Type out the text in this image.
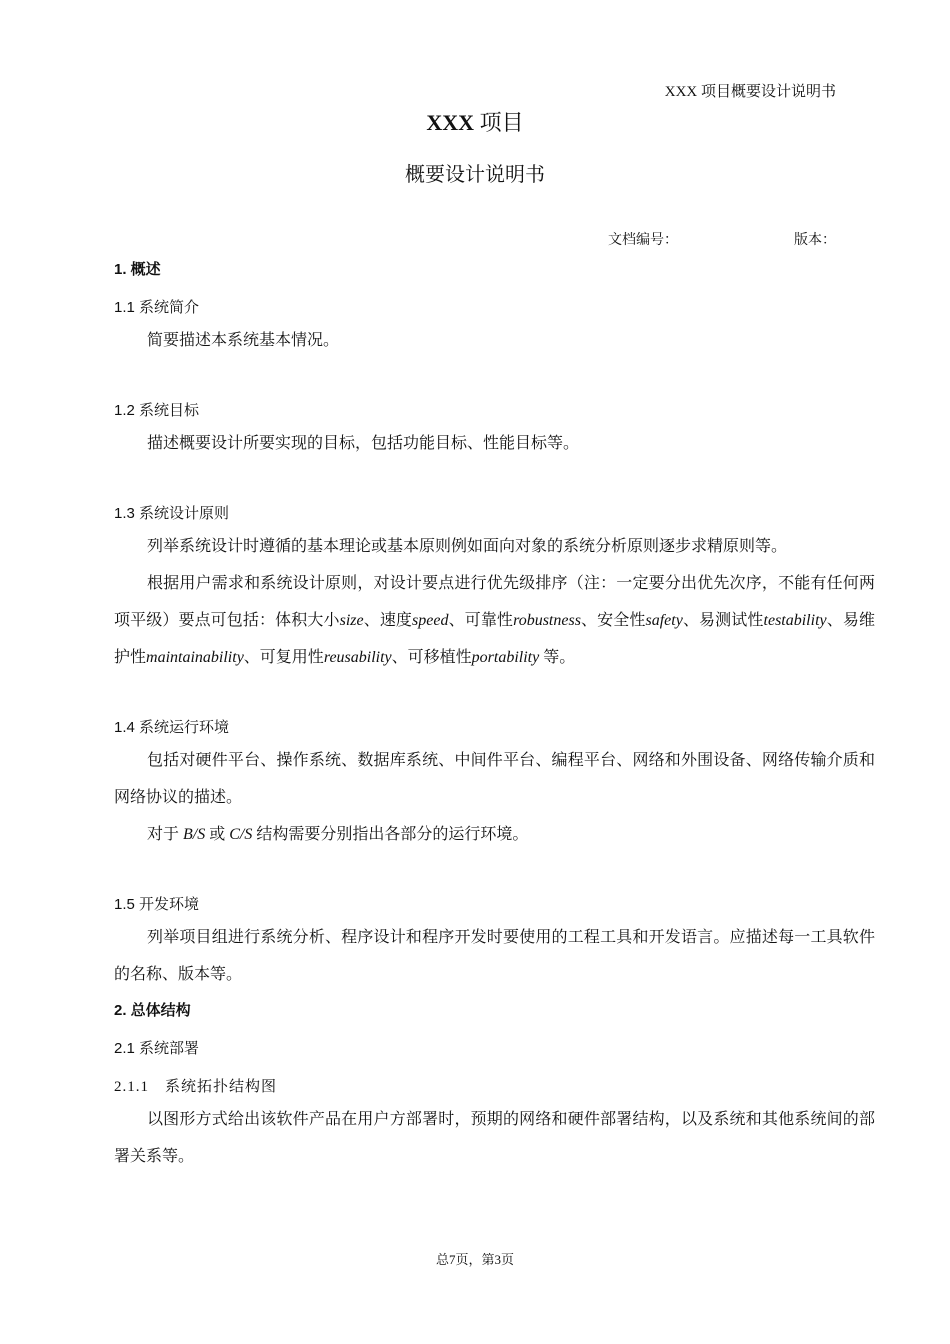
XXX 项目概要设计说明书
XXX 项目
概要设计说明书
文档编号：	版本：
1. 概述
1.1 系统简介
简要描述本系统基本情况。
1.2 系统目标
描述概要设计所要实现的目标，包括功能目标、性能目标等。
1.3 系统设计原则
列举系统设计时遵循的基本理论或基本原则例如面向对象的系统分析原则逐步求精原则等。
根据用户需求和系统设计原则，对设计要点进行优先级排序（注：一定要分出优先次序，不能有任何两项平级）要点可包括：体积大小size、速度speed、可靠性robustness、安全性safety、易测试性testability、易维护性maintainability、可复用性reusability、可移植性portability 等。
1.4 系统运行环境
包括对硬件平台、操作系统、数据库系统、中间件平台、编程平台、网络和外围设备、网络传输介质和网络协议的描述。
对于 B/S 或 C/S 结构需要分别指出各部分的运行环境。
1.5 开发环境
列举项目组进行系统分析、程序设计和程序开发时要使用的工程工具和开发语言。应描述每一工具软件的名称、版本等。
2. 总体结构
2.1 系统部署
2.1.1　系统拓扑结构图
以图形方式给出该软件产品在用户方部署时，预期的网络和硬件部署结构，以及系统和其他系统间的部署关系等。
总7页，第3页
